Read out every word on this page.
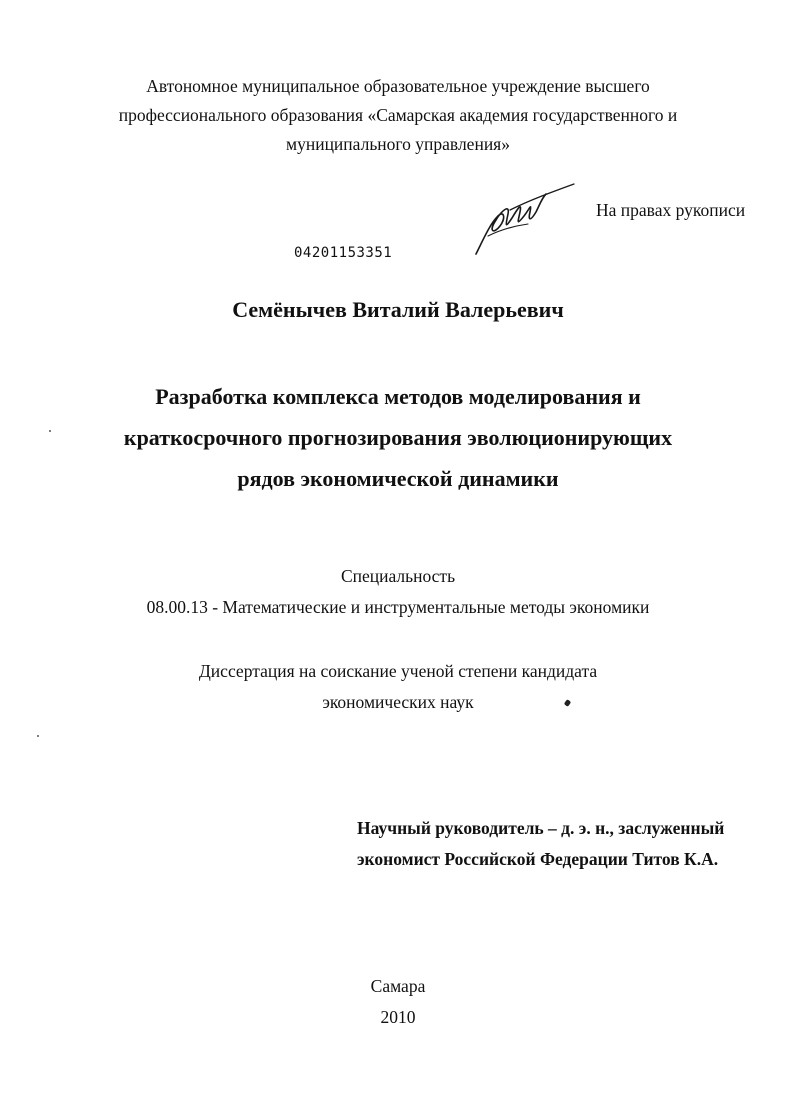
Автономное муниципальное образовательное учреждение высшего
профессионального образования «Самарская академия государственного и
муниципального управления»
На правах рукописи
04201153351
Семёнычев Виталий Валерьевич
Разработка комплекса методов моделирования и
краткосрочного прогнозирования эволюционирующих
рядов экономической динамики
Специальность
08.00.13 - Математические и инструментальные методы экономики
Диссертация на соискание ученой степени кандидата
экономических наук
Научный руководитель – д. э. н., заслуженный
экономист Российской Федерации Титов К.А.
Самара
2010
